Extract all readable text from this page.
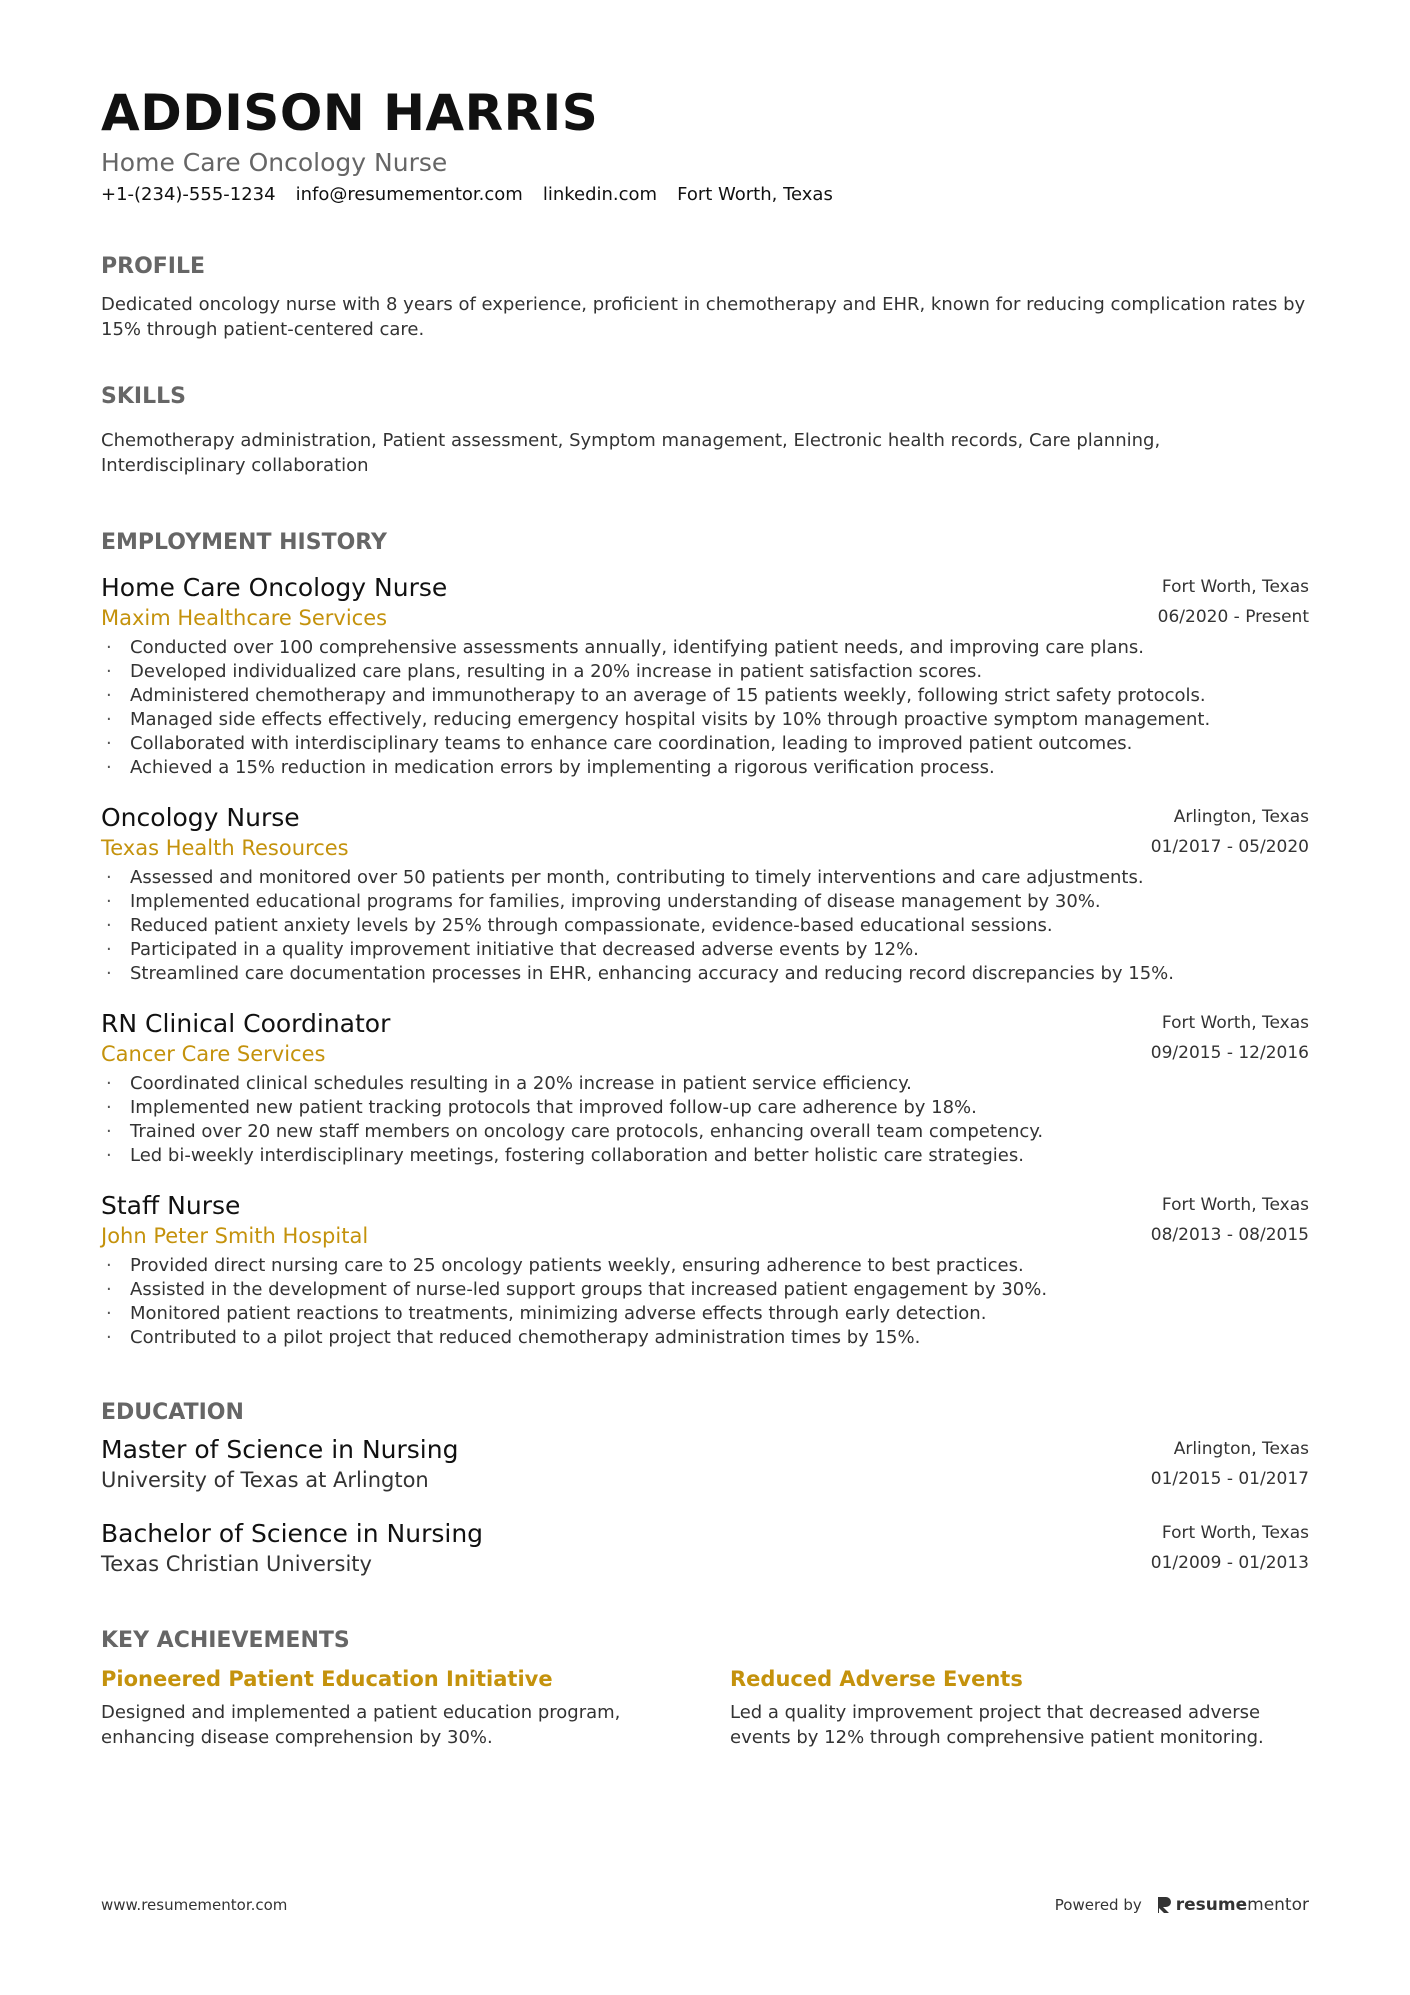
ADDISON HARRIS
Home Care Oncology Nurse
+1-(234)-555-1234 info@resumementor.com linkedin.com Fort Worth, Texas
PROFILE
Dedicated oncology nurse with 8 years of experience, proficient in chemotherapy and EHR, known for reducing complication rates by 15% through patient-centered care.
SKILLS
Chemotherapy administration, Patient assessment, Symptom management, Electronic health records, Care planning, Interdisciplinary collaboration
EMPLOYMENT HISTORY
Home Care Oncology Nurse
Maxim Healthcare Services
Fort Worth, Texas
06/2020 - Present
· Conducted over 100 comprehensive assessments annually, identifying patient needs, and improving care plans.
· Developed individualized care plans, resulting in a 20% increase in patient satisfaction scores.
· Administered chemotherapy and immunotherapy to an average of 15 patients weekly, following strict safety protocols.
· Managed side effects effectively, reducing emergency hospital visits by 10% through proactive symptom management.
· Collaborated with interdisciplinary teams to enhance care coordination, leading to improved patient outcomes.
· Achieved a 15% reduction in medication errors by implementing a rigorous verification process.
Oncology Nurse
Texas Health Resources
Arlington, Texas
01/2017 - 05/2020
· Assessed and monitored over 50 patients per month, contributing to timely interventions and care adjustments.
· Implemented educational programs for families, improving understanding of disease management by 30%.
· Reduced patient anxiety levels by 25% through compassionate, evidence-based educational sessions.
· Participated in a quality improvement initiative that decreased adverse events by 12%.
· Streamlined care documentation processes in EHR, enhancing accuracy and reducing record discrepancies by 15%.
RN Clinical Coordinator
Cancer Care Services
Fort Worth, Texas
09/2015 - 12/2016
· Coordinated clinical schedules resulting in a 20% increase in patient service efficiency.
· Implemented new patient tracking protocols that improved follow-up care adherence by 18%.
· Trained over 20 new staff members on oncology care protocols, enhancing overall team competency.
· Led bi-weekly interdisciplinary meetings, fostering collaboration and better holistic care strategies.
Staff Nurse
John Peter Smith Hospital
Fort Worth, Texas
08/2013 - 08/2015
· Provided direct nursing care to 25 oncology patients weekly, ensuring adherence to best practices.
· Assisted in the development of nurse-led support groups that increased patient engagement by 30%.
· Monitored patient reactions to treatments, minimizing adverse effects through early detection.
· Contributed to a pilot project that reduced chemotherapy administration times by 15%.
EDUCATION
Master of Science in Nursing
University of Texas at Arlington
Arlington, Texas
01/2015 - 01/2017
Bachelor of Science in Nursing
Texas Christian University
Fort Worth, Texas
01/2009 - 01/2013
KEY ACHIEVEMENTS
Pioneered Patient Education Initiative
Designed and implemented a patient education program, enhancing disease comprehension by 30%.
Reduced Adverse Events
Led a quality improvement project that decreased adverse events by 12% through comprehensive patient monitoring.
www.resumementor.com	Powered by resumementor
